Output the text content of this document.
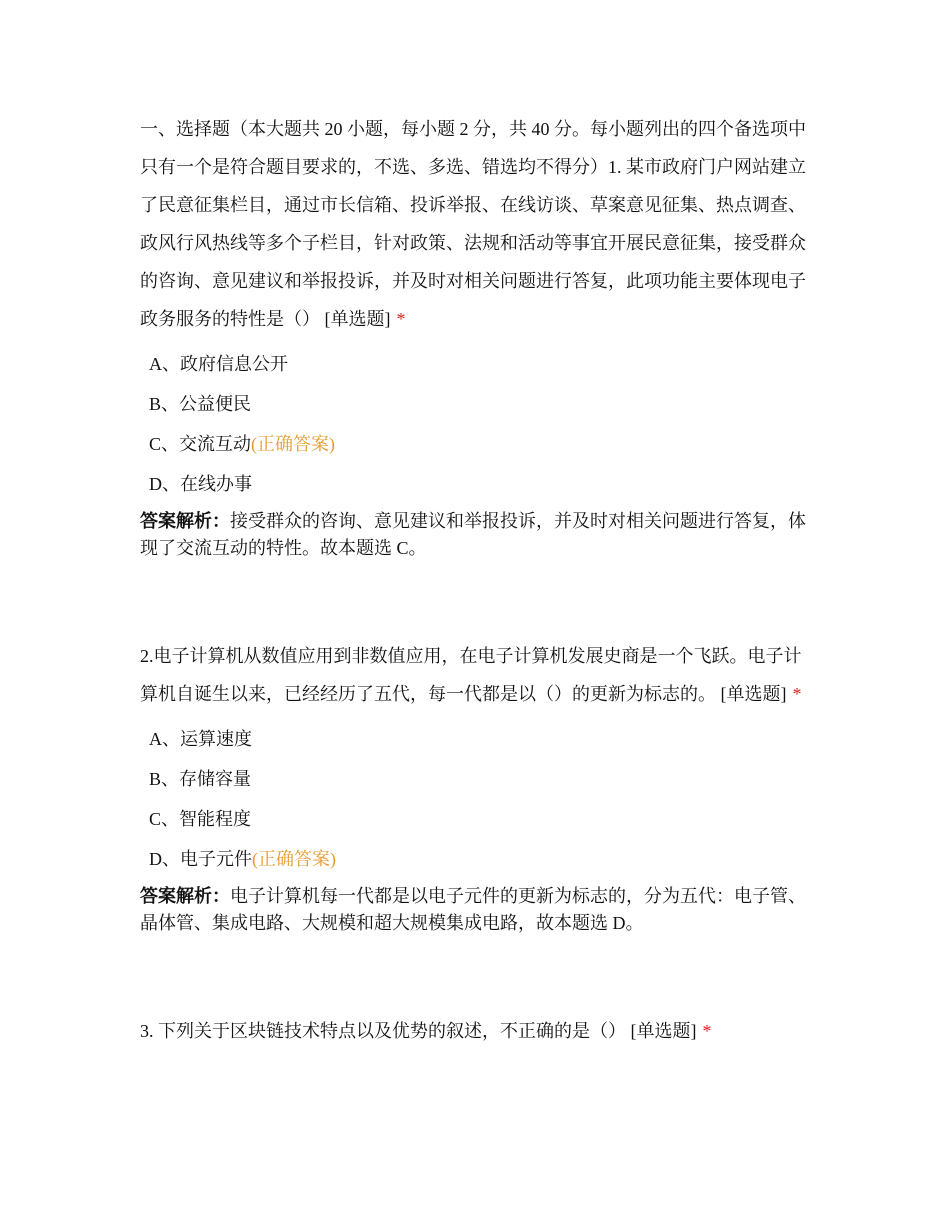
一、选择题（本大题共 20 小题，每小题 2 分，共 40 分。每小题列出的四个备选项中只有一个是符合题目要求的，不选、多选、错选均不得分）1. 某市政府门户网站建立了民意征集栏目，通过市长信箱、投诉举报、在线访谈、草案意见征集、热点调查、政风行风热线等多个子栏目，针对政策、法规和活动等事宜开展民意征集，接受群众的咨询、意见建议和举报投诉，并及时对相关问题进行答复，此项功能主要体现电子政务服务的特性是（） [单选题] *

A、政府信息公开
B、公益便民
C、交流互动(正确答案)
D、在线办事
答案解析：接受群众的咨询、意见建议和举报投诉，并及时对相关问题进行答复，体现了交流互动的特性。故本题选 C。

2.电子计算机从数值应用到非数值应用，在电子计算机发展史商是一个飞跃。电子计算机自诞生以来，已经经历了五代，每一代都是以（）的更新为标志的。 [单选题] *

A、运算速度
B、存储容量
C、智能程度
D、电子元件(正确答案)
答案解析：电子计算机每一代都是以电子元件的更新为标志的，分为五代：电子管、晶体管、集成电路、大规模和超大规模集成电路，故本题选 D。

3. 下列关于区块链技术特点以及优势的叙述，不正确的是（） [单选题] *
